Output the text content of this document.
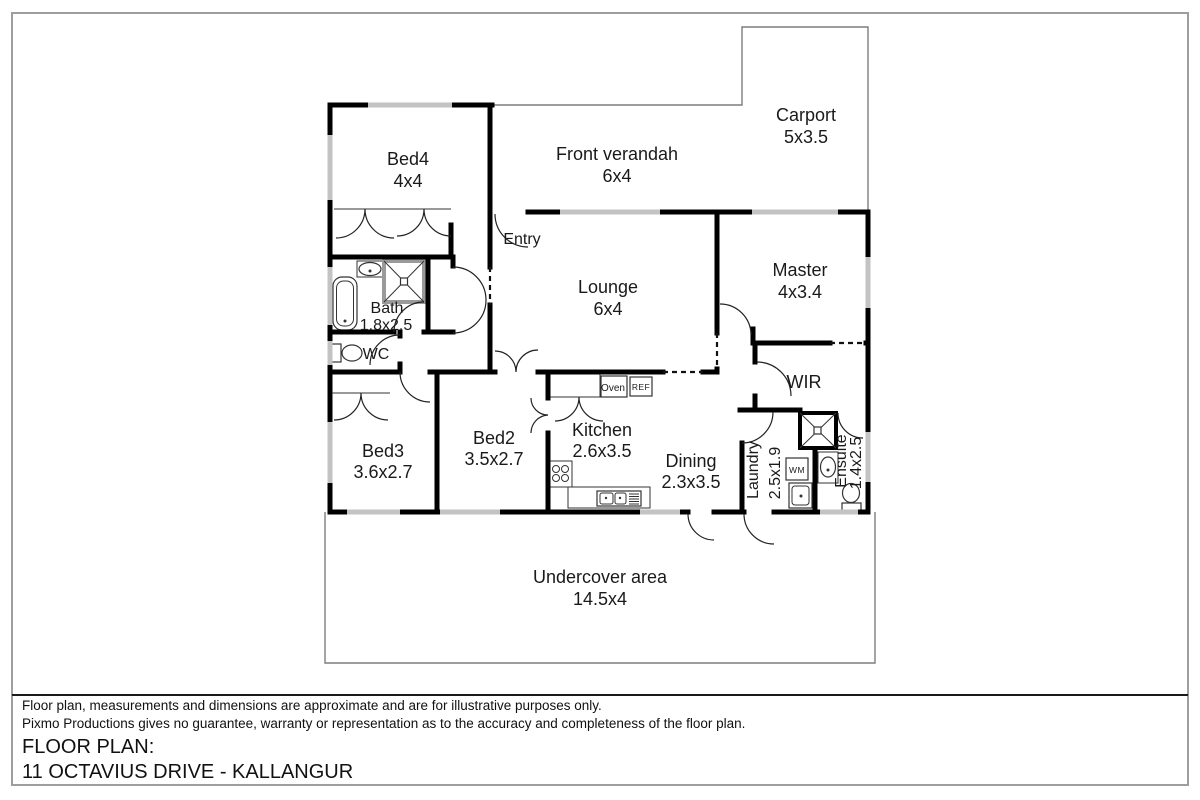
Bed4
4x4
Front verandah
6x4
Carport
5x3.5
Entry
Lounge
6x4
Master
4x3.4
Bath
1.8x2.5
WC
WIR
Bed3
3.6x2.7
Bed2
3.5x2.7
Kitchen
2.6x3.5 Dining
2.3x3.5 Laundry 2.5x1.9	Ensuite
1.4x2.5
Undercover area
14.5x4
Oven REF
WM
Floor plan, measurements and dimensions are approximate and are for illustrative purposes only.
Pixmo Productions gives no guarantee, warranty or representation as to the accuracy and completeness of the floor plan.
FLOOR PLAN:
11 OCTAVIUS DRIVE - KALLANGUR
